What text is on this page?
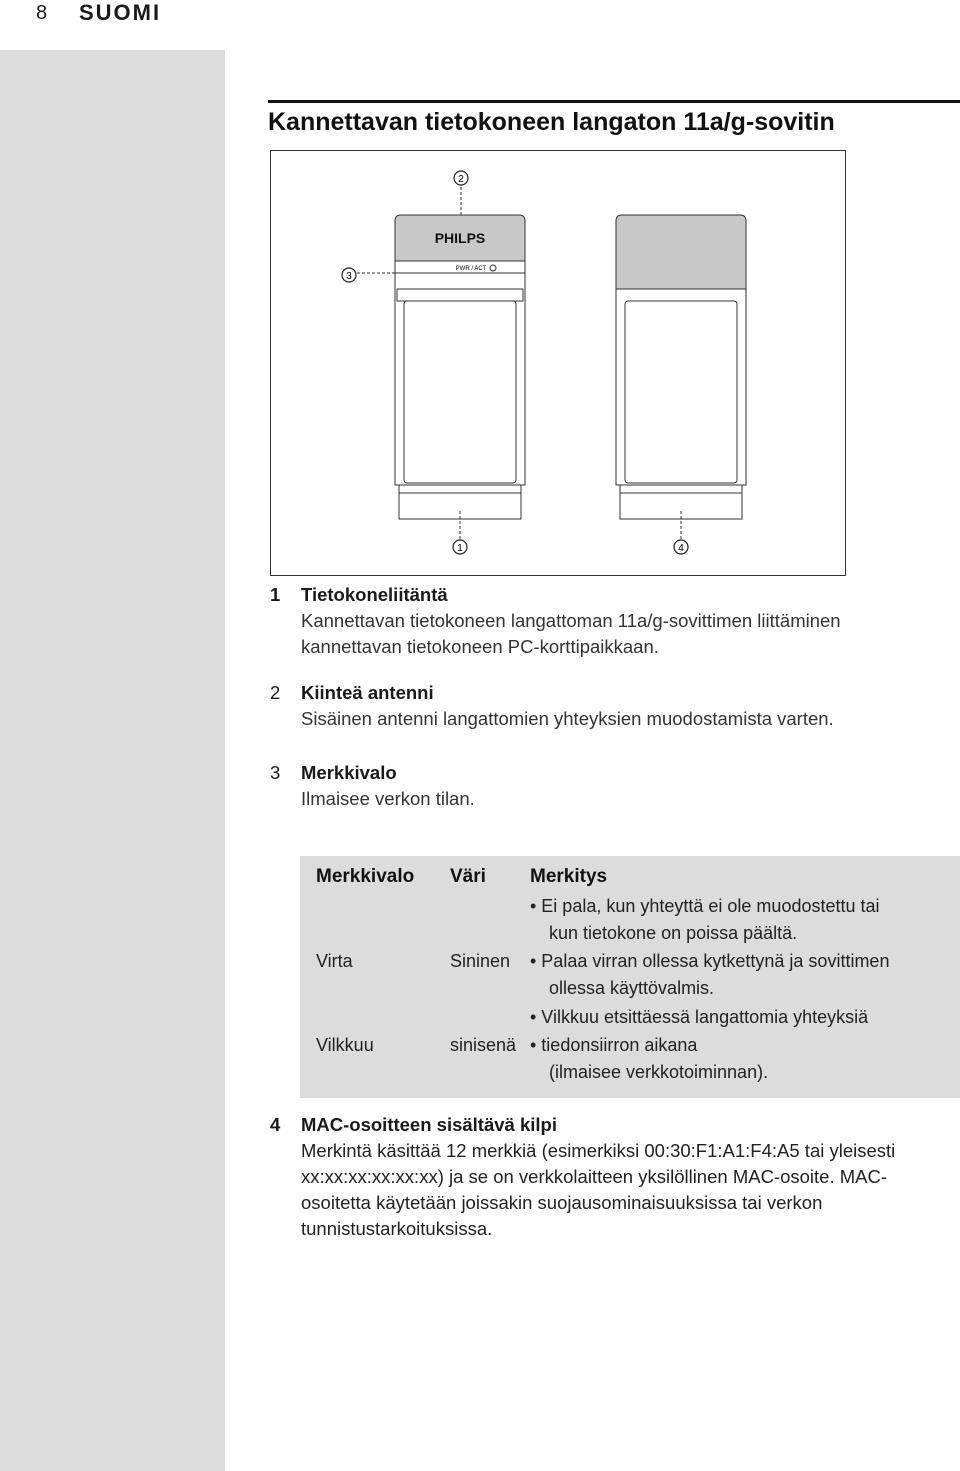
8 SUOMI
Kannettavan tietokoneen langaton 11a/g-sovitin
2
3
PHILPS
PWR / ACT
1	4
1	Tietokoneliitäntä
Kannettavan tietokoneen langattoman 11a/g-sovittimen liittäminen
kannettavan tietokoneen PC-korttipaikkaan.
2	Kiinteä antenni
Sisäinen antenni langattomien yhteyksien muodostamista varten.
3	Merkkivalo
Ilmaisee verkon tilan.
4	MAC-osoitteen sisältävä kilpi
Merkintä käsittää 12 merkkiä (esimerkiksi 00:30:F1:A1:F4:A5 tai yleisesti
xx:xx:xx:xx:xx:xx) ja se on verkkolaitteen yksilöllinen MAC-osoite. MAC-
osoitetta käytetään joissakin suojausominaisuuksissa tai verkon
tunnistustarkoituksissa.
Merkkivalo Väri Merkitys
• Ei pala, kun yhteyttä ei ole muodostettu tai
kun tietokone on poissa päältä.
Virta	Sininen • Palaa virran ollessa kytkettynä ja sovittimen
ollessa käyttövalmis.
• Vilkkuu etsittäessä langattomia yhteyksiä
Vilkkuu	sinisenä • tiedonsiirron aikana
(ilmaisee verkkotoiminnan).
